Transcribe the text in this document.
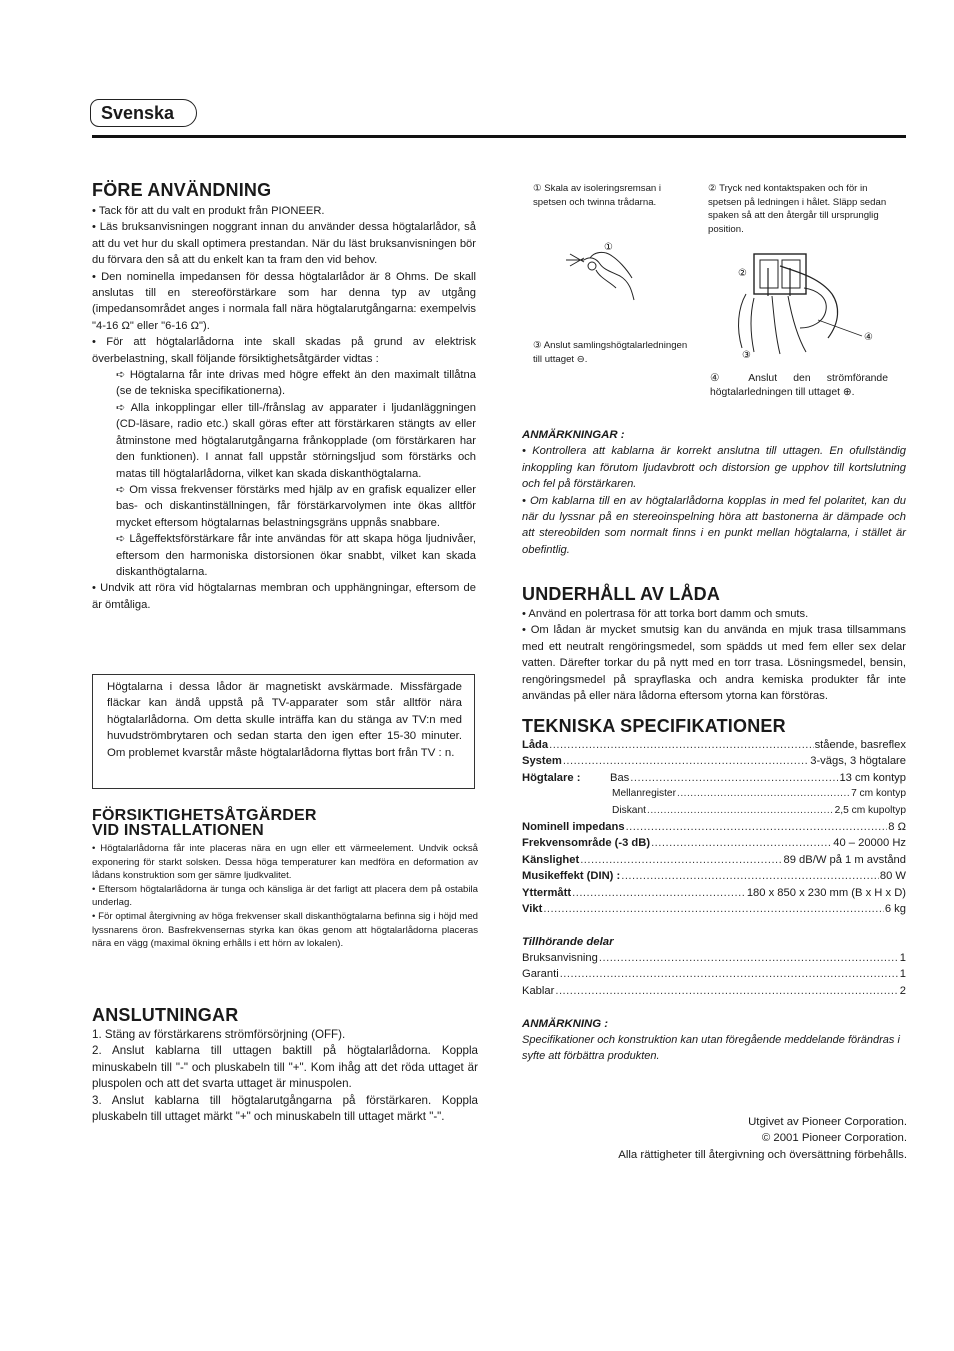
Svenska
FÖRE ANVÄNDNING

• Tack för att du valt en produkt från PIONEER.

• Läs bruksanvisningen noggrant innan du använder dessa högtalarlådor, så att du vet hur du skall optimera prestandan. När du läst bruksanvisningen bör du förvara den så att du enkelt kan ta fram den vid behov.

• Den nominella impedansen för dessa högtalarlådor är 8 Ohms. De skall anslutas till en stereoförstärkare som har denna typ av utgång (impedansområdet anges i normala fall nära högtalarutgångarna: exempelvis "4-16 Ω" eller "6-16 Ω").

• För att högtalarlådorna inte skall skadas på grund av elektrisk överbelastning, skall följande försiktighetsåtgärder vidtas :

➪ Högtalarna får inte drivas med högre effekt än den maximalt tillåtna (se de tekniska specifikationerna).

➪ Alla inkopplingar eller till-/frånslag av apparater i ljudanläggningen (CD-läsare, radio etc.) skall göras efter att förstärkaren stängts av eller åtminstone med högtalarutgångarna frånkopplade (om förstärkaren har den funktionen). I annat fall uppstår störningsljud som förstärks och matas till högtalarlådorna, vilket kan skada diskanthögtalarna.

➪ Om vissa frekvenser förstärks med hjälp av en grafisk equalizer eller bas- och diskantinställningen, får förstärkarvolymen inte ökas alltför mycket eftersom högtalarnas belastningsgräns uppnås snabbare.

➪ Lågeffektsförstärkare får inte användas för att skapa höga ljudnivåer, eftersom den harmoniska distorsionen ökar snabbt, vilket kan skada diskanthögtalarna.

• Undvik att röra vid högtalarnas membran och upphängningar, eftersom de är ömtåliga.

Högtalarna i dessa lådor är magnetiskt avskärmade. Missfärgade fläckar kan ändå uppstå på TV-apparater som står alltför nära högtalarlådorna. Om detta skulle inträffa kan du stänga av TV:n med huvudströmbrytaren och sedan starta den igen efter 15-30 minuter. Om problemet kvarstår måste högtalarlådorna flyttas bort från TV : n.
FÖRSIKTIGHETSÅTGÄRDER
VID INSTALLATIONEN

• Högtalarlådorna får inte placeras nära en ugn eller ett värmeelement. Undvik också exponering för starkt solsken. Dessa höga temperaturer kan medföra en deformation av lådans konstruktion som ger sämre ljudkvalitet.

• Eftersom högtalarlådorna är tunga och känsliga är det farligt att placera dem på ostabila underlag.

• För optimal återgivning av höga frekvenser skall diskanthögtalarna befinna sig i höjd med lyssnarens öron. Basfrekvensernas styrka kan ökas genom att högtalarlådorna placeras nära en vägg (maximal ökning erhålls i ett hörn av lokalen).

ANSLUTNINGAR

1. Stäng av förstärkarens strömförsörjning (OFF).

2. Anslut kablarna till uttagen baktill på högtalarlådorna. Koppla minuskabeln till "-" och pluskabeln till "+". Kom ihåg att det röda uttaget är pluspolen och att det svarta uttaget är minuspolen.

3. Anslut kablarna till högtalarutgångarna på förstärkaren. Koppla pluskabeln till uttaget märkt "+" och minuskabeln till uttaget märkt "-".

① Skala av isoleringsremsan i spetsen och twinna trådarna.
② Tryck ned kontaktspaken och för in spetsen på ledningen i hålet. Släpp sedan spaken så att den återgår till ursprunglig position.
③ Anslut samlingshögtalarledningen till uttaget ⊖.
④ Anslut den strömförande högtalarledningen till uttaget ⊕.
①
②
④
③

ANMÄRKNINGAR :

• Kontrollera att kablarna är korrekt anslutna till uttagen. En ofullständig inkoppling kan förutom ljudavbrott och distorsion ge upphov till kortslutning och fel på förstärkaren.

• Om kablarna till en av högtalarlådorna kopplas in med fel polaritet, kan du när du lyssnar på en stereoinspelning höra att bastonerna är dämpade och att stereobilden som normalt finns i en punkt mellan högtalarna, i stället är obefintlig.

UNDERHÅLL AV LÅDA

• Använd en polertrasa för att torka bort damm och smuts.

• Om lådan är mycket smutsig kan du använda en mjuk trasa tillsammans med ett neutralt rengöringsmedel, som spädds ut med fem eller sex delar vatten. Därefter torkar du på nytt med en torr trasa. Lösningsmedel, bensin, rengöringsmedel på sprayflaska och andra kemiska produkter får inte användas på eller nära lådorna eftersom ytorna kan förstöras.

TEKNISKA SPECIFIKATIONER
Låda .....	stående, basreflex
System .....	3-vägs, 3 högtalare
Högtalare :	Bas .....	13 cm kontyp
Mellanregister .....	7 cm kontyp
Diskant .....	2,5 cm kupoltyp
Nominell impedans .....	8 Ω
Frekvensområde (-3 dB) .....	40 – 20000 Hz
Känslighet .....	89 dB/W på 1 m avstånd
Musikeffekt (DIN) : .....	80 W
Yttermått .....	180 x 850 x 230 mm (B x H x D)
Vikt .....	6 kg

Tillhörande delar

Bruksanvisning .....	1
Garanti .....	1
Kablar .....	2

ANMÄRKNING :

Specifikationer och konstruktion kan utan föregående meddelande förändras i syfte att förbättra produkten.

Utgivet av Pioneer Corporation.

© 2001 Pioneer Corporation.

Alla rättigheter till återgivning och översättning förbehålls.
